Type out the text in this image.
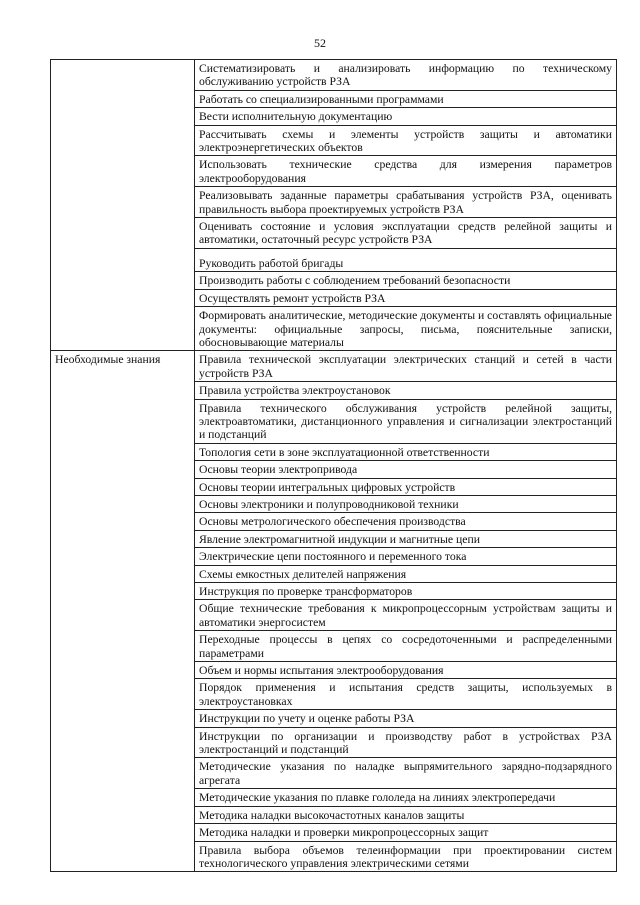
52
	Систематизировать и анализировать информацию по техническому обслуживанию устройств РЗА
	Работать со специализированными программами
	Вести исполнительную документацию
	Рассчитывать схемы и элементы устройств защиты и автоматики электроэнергетических объектов
	Использовать технические средства для измерения параметров электрооборудования
	Реализовывать заданные параметры срабатывания устройств РЗА, оценивать правильность выбора проектируемых устройств РЗА
	Оценивать состояние и условия эксплуатации средств релейной защиты и автоматики, остаточный ресурс устройств РЗА
	Руководить работой бригады
	Производить работы с соблюдением требований безопасности
	Осуществлять ремонт устройств РЗА
	Формировать аналитические, методические документы и составлять официальные документы: официальные запросы, письма, пояснительные записки, обосновывающие материалы
Необходимые знания	Правила технической эксплуатации электрических станций и сетей в части устройств РЗА
	Правила устройства электроустановок
	Правила технического обслуживания устройств релейной защиты, электроавтоматики, дистанционного управления и сигнализации электростанций и подстанций
	Топология сети в зоне эксплуатационной ответственности
	Основы теории электропривода
	Основы теории интегральных цифровых устройств
	Основы электроники и полупроводниковой техники
	Основы метрологического обеспечения производства
	Явление электромагнитной индукции и магнитные цепи
	Электрические цепи постоянного и переменного тока
	Схемы емкостных делителей напряжения
	Инструкция по проверке трансформаторов
	Общие технические требования к микропроцессорным устройствам защиты и автоматики энергосистем
	Переходные процессы в цепях со сосредоточенными и распределенными параметрами
	Объем и нормы испытания электрооборудования
	Порядок применения и испытания средств защиты, используемых в электроустановках
	Инструкции по учету и оценке работы РЗА
	Инструкции по организации и производству работ в устройствах РЗА электростанций и подстанций
	Методические указания по наладке выпрямительного зарядно-подзарядного агрегата
	Методические указания по плавке гололеда на линиях электропередачи
	Методика наладки высокочастотных каналов защиты
	Методика наладки и проверки микропроцессорных защит
	Правила выбора объемов телеинформации при проектировании систем технологического управления электрическими сетями
